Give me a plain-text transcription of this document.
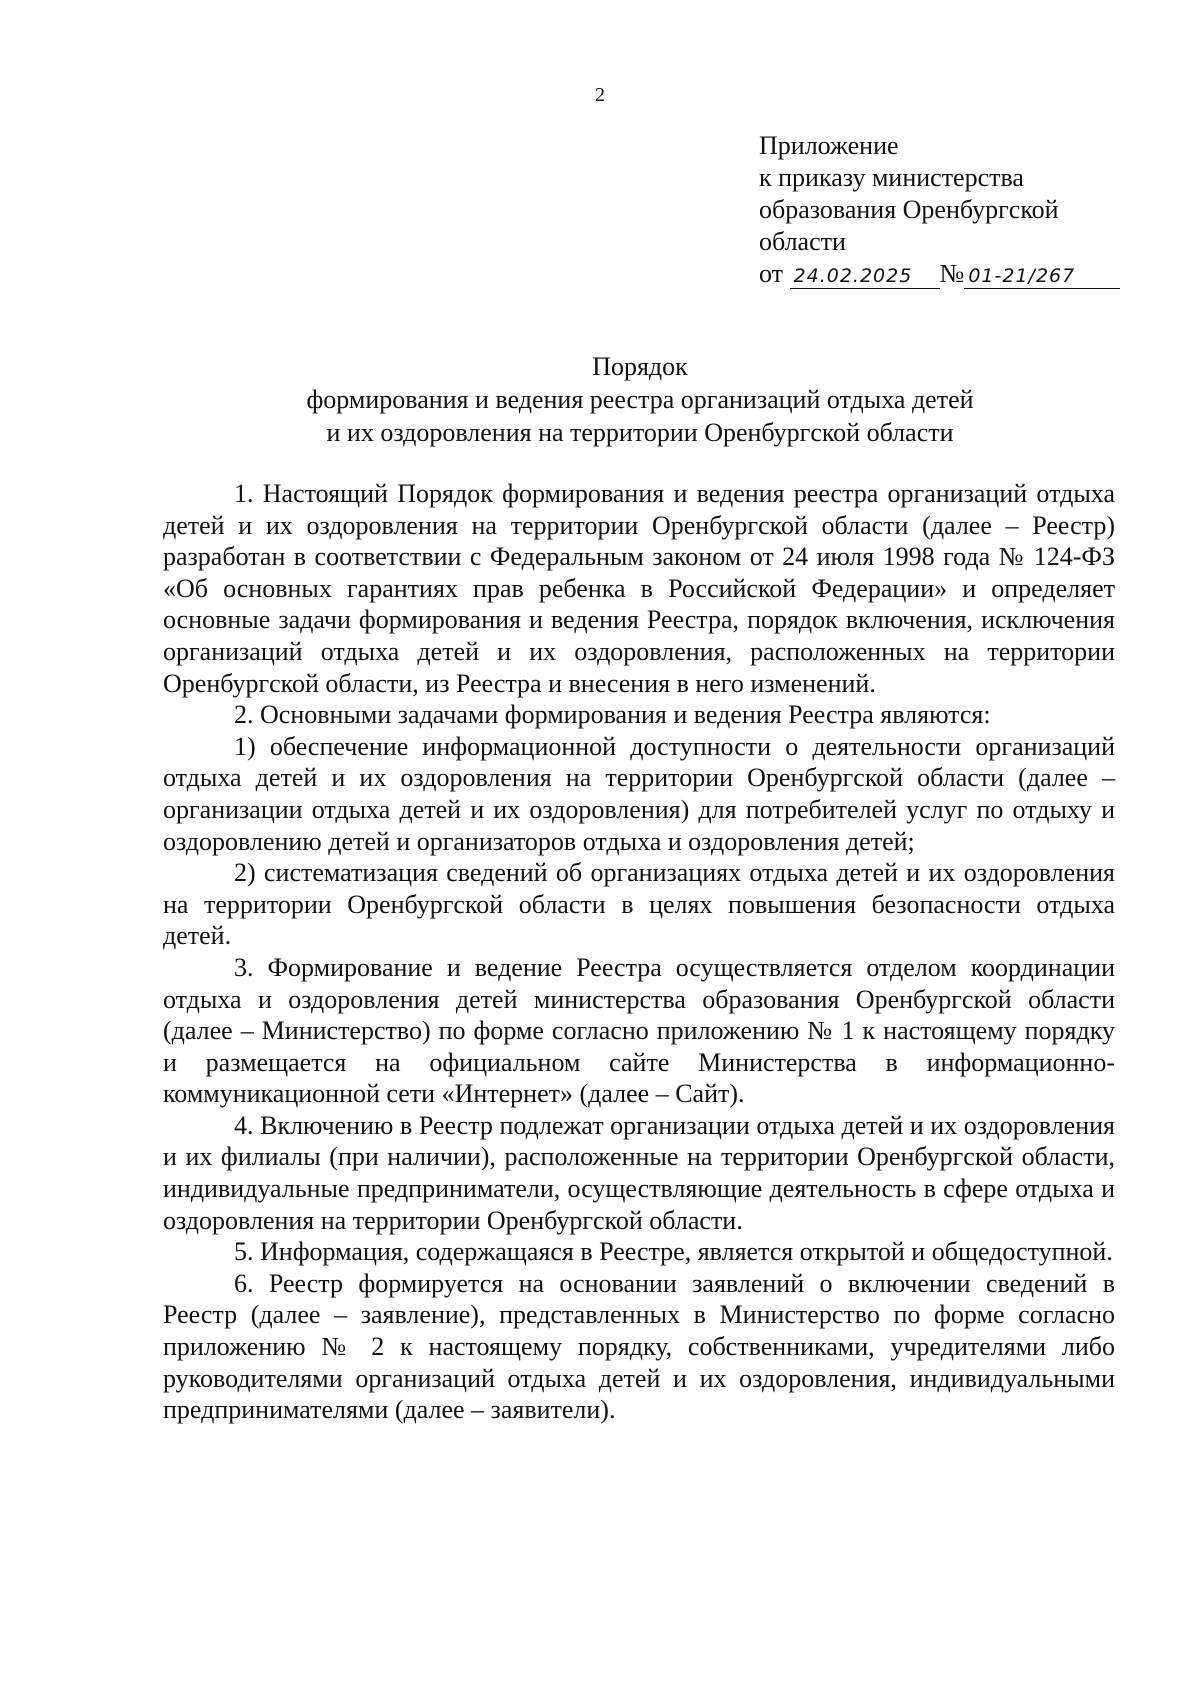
2
Приложение
к приказу министерства
образования Оренбургской
области
от 24.02.2025 № 01-21/267
Порядок
формирования и ведения реестра организаций отдыха детей
и их оздоровления на территории Оренбургской области

1. Настоящий Порядок формирования и ведения реестра организаций отдыха детей и их оздоровления на территории Оренбургской области (далее – Реестр) разработан в соответствии с Федеральным законом от 24 июля 1998 года № 124-ФЗ «Об основных гарантиях прав ребенка в Российской Федерации» и определяет основные задачи формирования и ведения Реестра, порядок включения, исключения организаций отдыха детей и их оздоровления, расположенных на территории Оренбургской области, из Реестра и внесения в него изменений.

2. Основными задачами формирования и ведения Реестра являются:

1) обеспечение информационной доступности о деятельности организаций отдыха детей и их оздоровления на территории Оренбургской области (далее – организации отдыха детей и их оздоровления) для потребителей услуг по отдыху и оздоровлению детей и организаторов отдыха и оздоровления детей;

2) систематизация сведений об организациях отдыха детей и их оздоровления на территории Оренбургской области в целях повышения безопасности отдыха детей.

3. Формирование и ведение Реестра осуществляется отделом координации отдыха и оздоровления детей министерства образования Оренбургской области (далее – Министерство) по форме согласно приложению № 1 к настоящему порядку и размещается на официальном сайте Министерства в информационно-коммуникационной сети «Интернет» (далее – Сайт).

4. Включению в Реестр подлежат организации отдыха детей и их оздоровления и их филиалы (при наличии), расположенные на территории Оренбургской области, индивидуальные предприниматели, осуществляющие деятельность в сфере отдыха и оздоровления на территории Оренбургской области.

5. Информация, содержащаяся в Реестре, является открытой и общедоступной.

6. Реестр формируется на основании заявлений о включении сведений в Реестр (далее – заявление), представленных в Министерство по форме согласно приложению № 2 к настоящему порядку, собственниками, учредителями либо руководителями организаций отдыха детей и их оздоровления, индивидуальными предпринимателями (далее – заявители).
